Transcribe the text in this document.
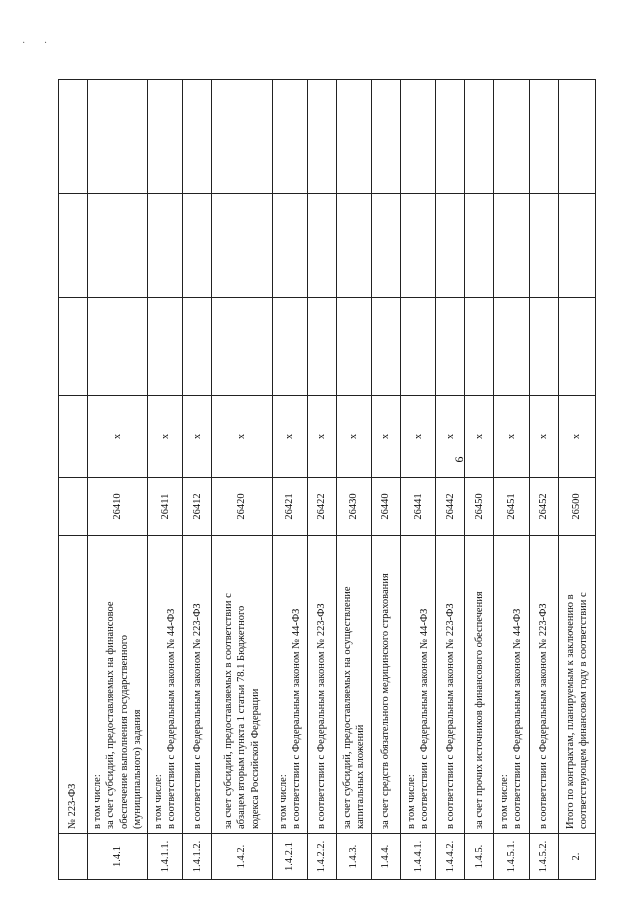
· ·
9

	№ 223-ФЗ					

1.4.1	в том числе: за счет субсидий, предоставляемых на финансовое обеспечение выполнения государственного (муниципального) задания	26410	x			
1.4.1.1.	в том числе: в соответствии с Федеральным законом № 44-ФЗ	26411	x			
1.4.1.2.	в соответствии с Федеральным законом № 223-ФЗ	26412	x			
1.4.2.	за счет субсидий, предоставляемых в соответствии с абзацем вторым пункта 1 статьи 78.1 Бюджетного кодекса Российской Федерации	26420	x			
1.4.2.1	в том числе: в соответствии с Федеральным законом № 44-ФЗ	26421	x			
1.4.2.2.	в соответствии с Федеральным законом № 223-ФЗ	26422	x			
1.4.3.	за счет субсидий, предоставляемых на осуществление капитальных вложений	26430	x			
1.4.4.	за счет средств обязательного медицинского страхования	26440	x			
1.4.4.1.	в том числе: в соответствии с Федеральным законом № 44-ФЗ	26441	x			
1.4.4.2.	в соответствии с Федеральным законом № 223-ФЗ	26442	x			
1.4.5.	за счет прочих источников финансового обеспечения	26450	x			
1.4.5.1.	в том числе: в соответствии с Федеральным законом № 44-ФЗ	26451	x			
1.4.5.2.	в соответствии с Федеральным законом № 223-ФЗ	26452	x			
2.	Итого по контрактам, планируемым к заключению в соответствующем финансовом году в соответствии с	26500	x			
